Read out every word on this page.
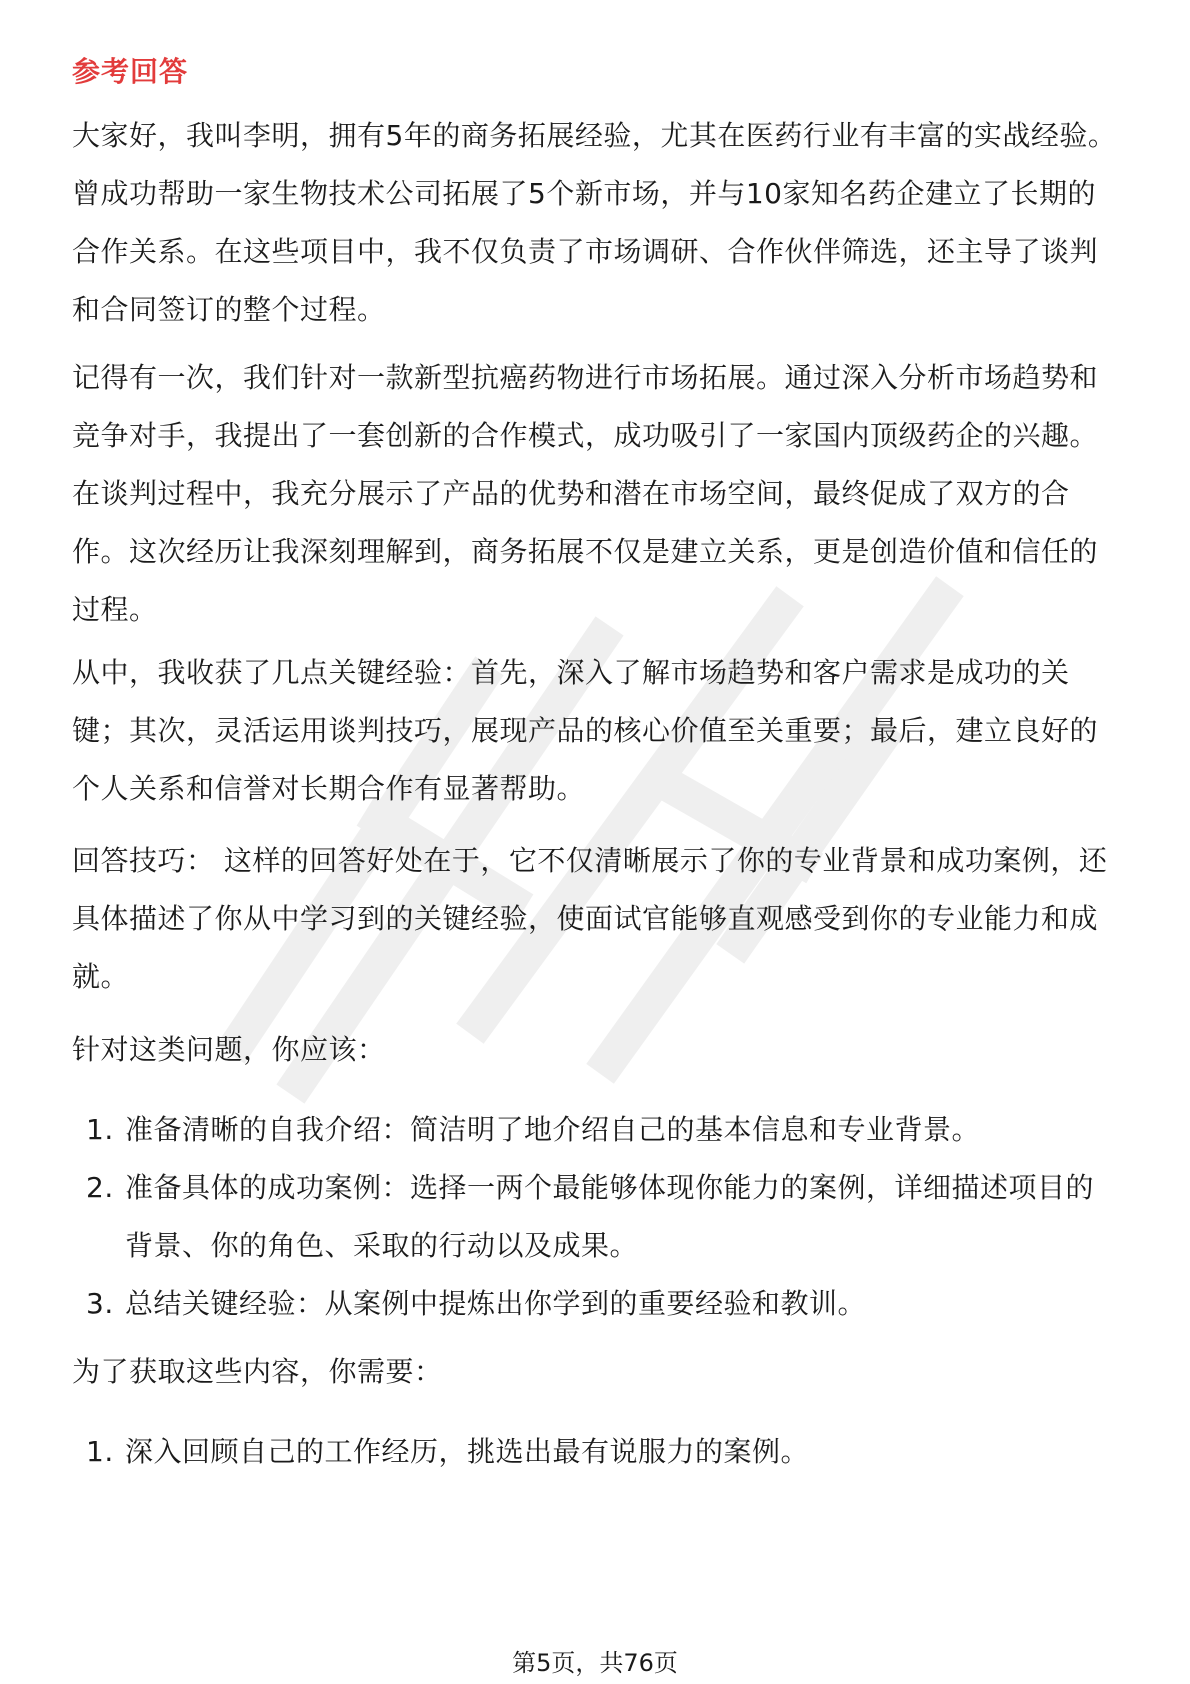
参考回答

大家好，我叫李明，拥有5年的商务拓展经验，尤其在医药行业有丰富的实战经验。曾成功帮助一家生物技术公司拓展了5个新市场，并与10家知名药企建立了长期的合作关系。在这些项目中，我不仅负责了市场调研、合作伙伴筛选，还主导了谈判和合同签订的整个过程。

记得有一次，我们针对一款新型抗癌药物进行市场拓展。通过深入分析市场趋势和竞争对手，我提出了一套创新的合作模式，成功吸引了一家国内顶级药企的兴趣。在谈判过程中，我充分展示了产品的优势和潜在市场空间，最终促成了双方的合作。这次经历让我深刻理解到，商务拓展不仅是建立关系，更是创造价值和信任的过程。

从中，我收获了几点关键经验：首先，深入了解市场趋势和客户需求是成功的关键；其次，灵活运用谈判技巧，展现产品的核心价值至关重要；最后，建立良好的个人关系和信誉对长期合作有显著帮助。

回答技巧： 这样的回答好处在于，它不仅清晰展示了你的专业背景和成功案例，还具体描述了你从中学习到的关键经验，使面试官能够直观感受到你的专业能力和成就。

针对这类问题，你应该：

1. 准备清晰的自我介绍：简洁明了地介绍自己的基本信息和专业背景。
2. 准备具体的成功案例：选择一两个最能够体现你能力的案例，详细描述项目的背景、你的角色、采取的行动以及成果。
3. 总结关键经验：从案例中提炼出你学到的重要经验和教训。

为了获取这些内容，你需要：

1. 深入回顾自己的工作经历，挑选出最有说服力的案例。
第5页，共76页
